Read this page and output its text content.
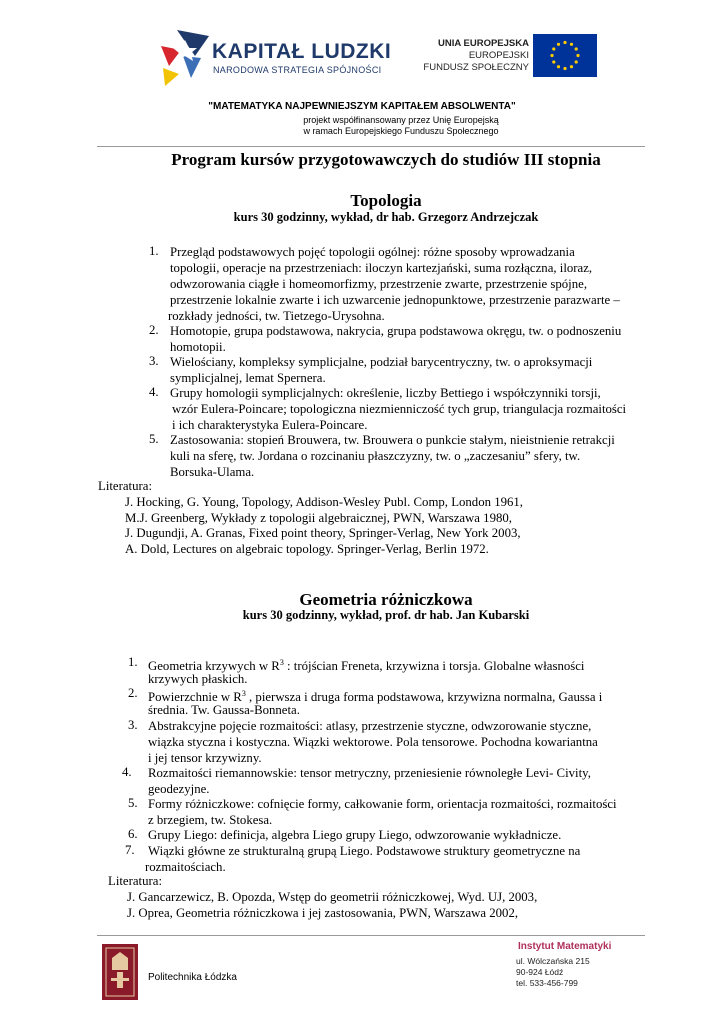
KAPITAŁ LUDZKI
NARODOWA STRATEGIA SPÓJNOŚCI
UNIA EUROPEJSKA
EUROPEJSKI
FUNDUSZ SPOŁECZNY
"MATEMATYKA NAJPEWNIEJSZYM KAPITAŁEM ABSOLWENTA"
projekt współfinansowany przez Unię Europejską
w ramach Europejskiego Funduszu Społecznego
Program kursów przygotowawczych do studiów III stopnia
Topologia
kurs 30 godzinny, wykład, dr hab. Grzegorz Andrzejczak
1. Przegląd podstawowych pojęć topologii ogólnej: różne sposoby wprowadzania
topologii, operacje na przestrzeniach: iloczyn kartezjański, suma rozłączna, iloraz,
odwzorowania ciągłe i homeomorfizmy, przestrzenie zwarte, przestrzenie spójne,
przestrzenie lokalnie zwarte i ich uzwarcenie jednopunktowe, przestrzenie parazwarte –
rozkłady jedności, tw. Tietzego-Urysohna.
2. Homotopie, grupa podstawowa, nakrycia, grupa podstawowa okręgu, tw. o podnoszeniu
homotopii.
3. Wielościany, kompleksy symplicjalne, podział barycentryczny, tw. o aproksymacji
symplicjalnej, lemat Spernera.
4. Grupy homologii symplicjalnych: określenie, liczby Bettiego i współczynniki torsji,
wzór Eulera-Poincare; topologiczna niezmienniczość tych grup, triangulacja rozmaitości
i ich charakterystyka Eulera-Poincare.
5. Zastosowania: stopień Brouwera, tw. Brouwera o punkcie stałym, nieistnienie retrakcji
kuli na sferę, tw. Jordana o rozcinaniu płaszczyzny, tw. o „zaczesaniu” sfery, tw.
Borsuka-Ulama.
Literatura:
J. Hocking, G. Young, Topology, Addison-Wesley Publ. Comp, London 1961,
M.J. Greenberg, Wykłady z topologii algebraicznej, PWN, Warszawa 1980,
J. Dugundji, A. Granas, Fixed point theory, Springer-Verlag, New York 2003,
A. Dold, Lectures on algebraic topology. Springer-Verlag, Berlin 1972.
Geometria różniczkowa
kurs 30 godzinny, wykład, prof. dr hab. Jan Kubarski
1. Geometria krzywych w $R^3$ : trójścian Freneta, krzywizna i torsja. Globalne własności
krzywych płaskich.
2. Powierzchnie w $R^3$ , pierwsza i druga forma podstawowa, krzywizna normalna, Gaussa i
średnia. Tw. Gaussa-Bonneta.
3. Abstrakcyjne pojęcie rozmaitości: atlasy, przestrzenie styczne, odwzorowanie styczne,
wiązka styczna i kostyczna. Wiązki wektorowe. Pola tensorowe. Pochodna kowariantna
i jej tensor krzywizny.
4. Rozmaitości riemannowskie: tensor metryczny, przeniesienie równoległe Levi- Civity,
geodezyjne.
5. Formy różniczkowe: cofnięcie formy, całkowanie form, orientacja rozmaitości, rozmaitości
z brzegiem, tw. Stokesa.
6. Grupy Liego: definicja, algebra Liego grupy Liego, odwzorowanie wykładnicze.
7. Wiązki główne ze strukturalną grupą Liego. Podstawowe struktury geometryczne na
rozmaitościach.
Literatura:
J. Gancarzewicz, B. Opozda, Wstęp do geometrii różniczkowej, Wyd. UJ, 2003,
J. Oprea, Geometria różniczkowa i jej zastosowania, PWN, Warszawa 2002,
Politechnika Łódzka
Instytut Matematyki
ul. Wólczańska 215
90-924 Łódź
tel. 533-456-799
